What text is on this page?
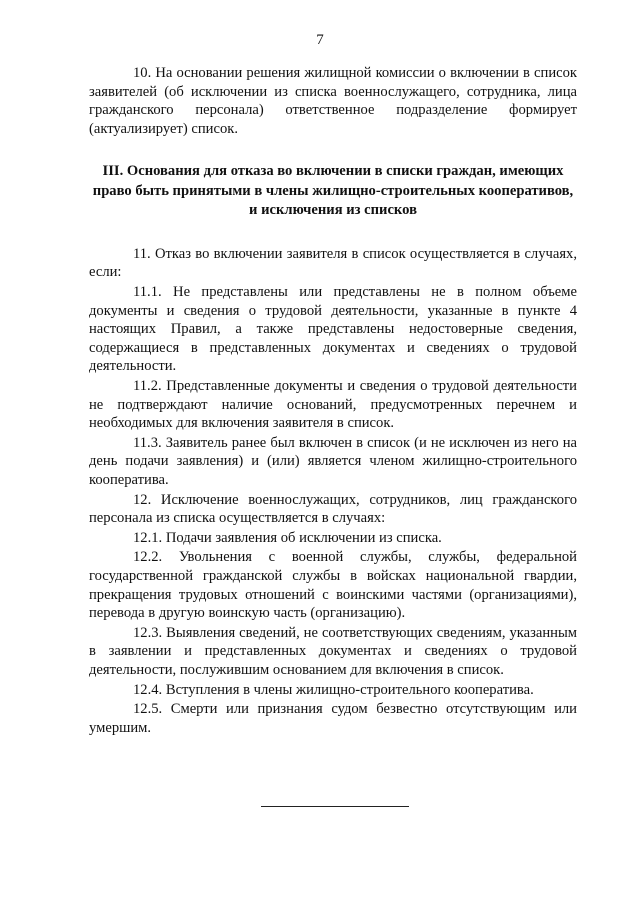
7

10. На основании решения жилищной комиссии о включении в список заявителей (об исключении из списка военнослужащего, сотрудника, лица гражданского персонала) ответственное подразделение формирует (актуализирует) список.

III. Основания для отказа во включении в списки граждан, имеющих право быть принятыми в члены жилищно-строительных кооперативов, и исключения из списков

11. Отказ во включении заявителя в список осуществляется в случаях, если:

11.1. Не представлены или представлены не в полном объеме документы и сведения о трудовой деятельности, указанные в пункте 4 настоящих Правил, а также представлены недостоверные сведения, содержащиеся в представленных документах и сведениях о трудовой деятельности.

11.2. Представленные документы и сведения о трудовой деятельности не подтверждают наличие оснований, предусмотренных перечнем и необходимых для включения заявителя в список.

11.3. Заявитель ранее был включен в список (и не исключен из него на день подачи заявления) и (или) является членом жилищно-строительного кооператива.

12. Исключение военнослужащих, сотрудников, лиц гражданского персонала из списка осуществляется в случаях:

12.1. Подачи заявления об исключении из списка.

12.2. Увольнения с военной службы, службы, федеральной государственной гражданской службы в войсках национальной гвардии, прекращения трудовых отношений с воинскими частями (организациями), перевода в другую воинскую часть (организацию).

12.3. Выявления сведений, не соответствующих сведениям, указанным в заявлении и представленных документах и сведениях о трудовой деятельности, послужившим основанием для включения в список.

12.4. Вступления в члены жилищно-строительного кооператива.

12.5. Смерти или признания судом безвестно отсутствующим или умершим.
